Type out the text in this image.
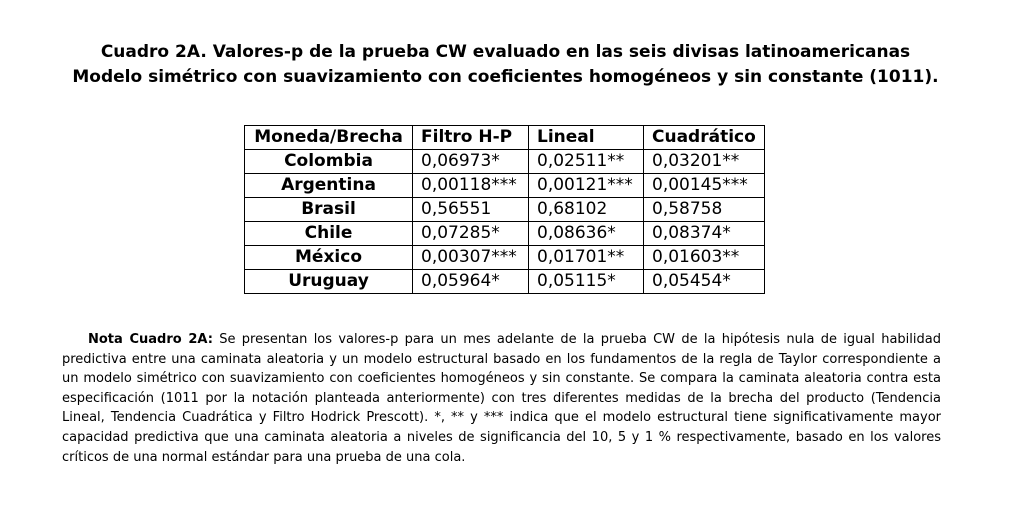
Cuadro 2A. Valores-p de la prueba CW evaluado en las seis divisas latinoamericanas
Modelo simétrico con suavizamiento con coeficientes homogéneos y sin constante (1011).
Moneda/Brecha	Filtro H-P	Lineal	Cuadrático
Colombia	0,06973*	0,02511**	0,03201**
Argentina	0,00118***	0,00121***	0,00145***
Brasil	0,56551	0,68102	0,58758
Chile	0,07285*	0,08636*	0,08374*
México	0,00307***	0,01701**	0,01603**
Uruguay	0,05964*	0,05115*	0,05454*
Nota Cuadro 2A: Se presentan los valores-p para un mes adelante de la prueba CW de la hipótesis nula de igual habilidad predictiva entre una caminata aleatoria y un modelo estructural basado en los fundamentos de la regla de Taylor correspondiente a un modelo simétrico con suavizamiento con coeficientes homogéneos y sin constante. Se compara la caminata aleatoria contra esta especificación (1011 por la notación planteada anteriormente) con tres diferentes medidas de la brecha del producto (Tendencia Lineal, Tendencia Cuadrática y Filtro Hodrick Prescott). *, ** y *** indica que el modelo estructural tiene significativamente mayor capacidad predictiva que una caminata aleatoria a niveles de significancia del 10, 5 y 1 % respectivamente, basado en los valores críticos de una normal estándar para una prueba de una cola.
